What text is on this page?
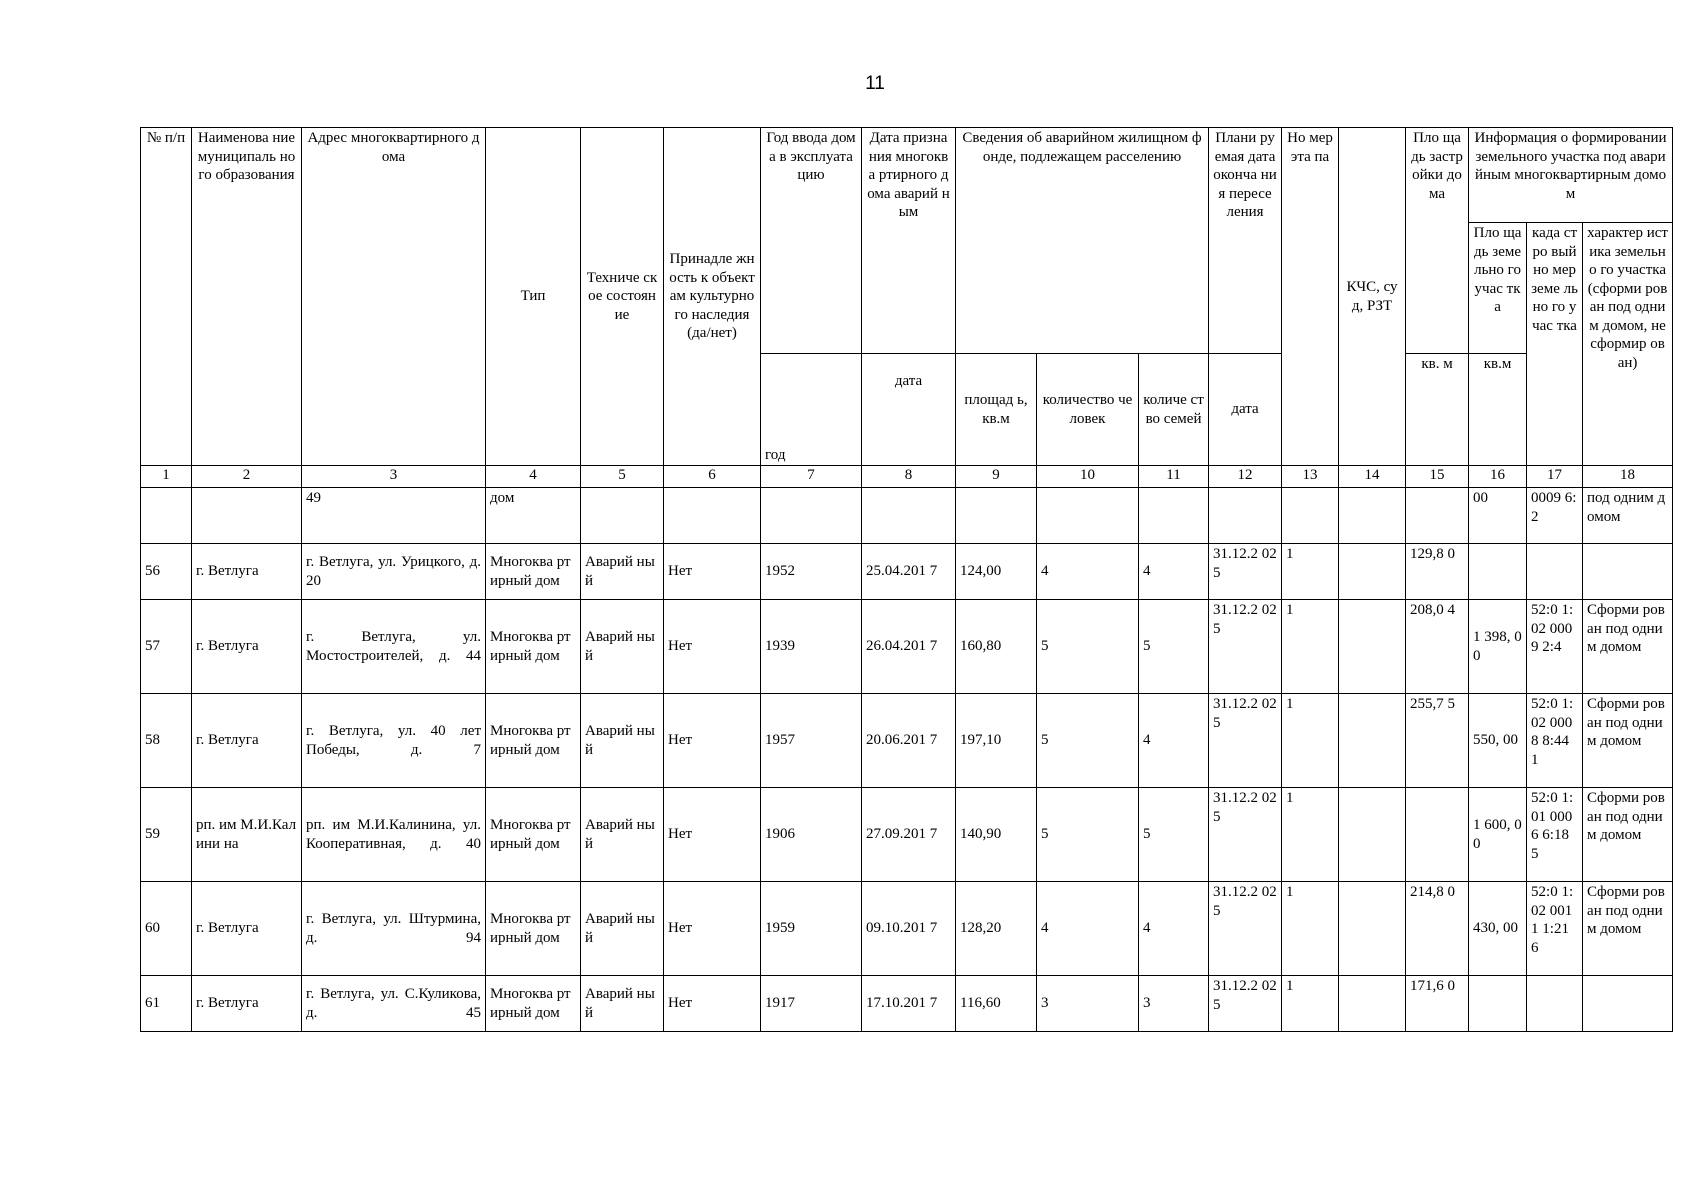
11
№ п/п	Наименова ние муниципаль ного образования	Адрес многоквартирного дома	Тип	Техниче ское состоян ие	Принадле жность к объектам культурно го наследия (да/нет)	Год ввода дома в эксплуата цию	Дата призна ния многоква ртирного дома аварий ным	Сведения об аварийном жилищном фонде, подлежащем расселению			Плани руемая дата оконча ния пересе ления	Но мер эта па	КЧС, суд, РЗТ	Пло щадь застр ойки дома	Информация о формировании земельного участка под аварийным многоквартирным домом		
															Пло щадь земе льно го учас тка	када стро вый но мер земе льно го учас тка	характер истика земельно го участка (сформи рован под одним домом, не сформир ован)
						год	дата	площад ь, кв.м	количество человек	количе ство семей	дата			кв. м	кв.м		
1	2	3	4	5	6	7	8	9	10	11	12	13	14	15	16	17	18
		49	дом												00	0009 6:2	под одним домом
56	г. Ветлуга	г. Ветлуга, ул. Урицкого, д. 20	Многоква ртирный дом	Аварий ный	Нет	1952	25.04.201 7	124,00	4	4	31.12.2 025	1		129,8 0			
57	г. Ветлуга	г. Ветлуга, ул. Мостостроителей, д. 44	Многоква ртирный дом	Аварий ный	Нет	1939	26.04.201 7	160,80	5	5	31.12.2 025	1		208,0 4	1 398, 00	52:0 1:02 0009 2:4	Сформи рован под одним домом
58	г. Ветлуга	г. Ветлуга, ул. 40 лет Победы, д. 7	Многоква ртирный дом	Аварий ный	Нет	1957	20.06.201 7	197,10	5	4	31.12.2 025	1		255,7 5	550, 00	52:0 1:02 0008 8:44 1	Сформи рован под одним домом
59	рп. им М.И.Калини на	рп. им М.И.Калинина, ул. Кооперативная, д. 40	Многоква ртирный дом	Аварий ный	Нет	1906	27.09.201 7	140,90	5	5	31.12.2 025	1			1 600, 00	52:0 1:01 0006 6:18 5	Сформи рован под одним домом
60	г. Ветлуга	г. Ветлуга, ул. Штурмина, д. 94	Многоква ртирный дом	Аварий ный	Нет	1959	09.10.201 7	128,20	4	4	31.12.2 025	1		214,8 0	430, 00	52:0 1:02 0011 1:21 6	Сформи рован под одним домом
61	г. Ветлуга	г. Ветлуга, ул. С.Куликова, д. 45	Многоква ртирный дом	Аварий ный	Нет	1917	17.10.201 7	116,60	3	3	31.12.2 025	1		171,6 0			
